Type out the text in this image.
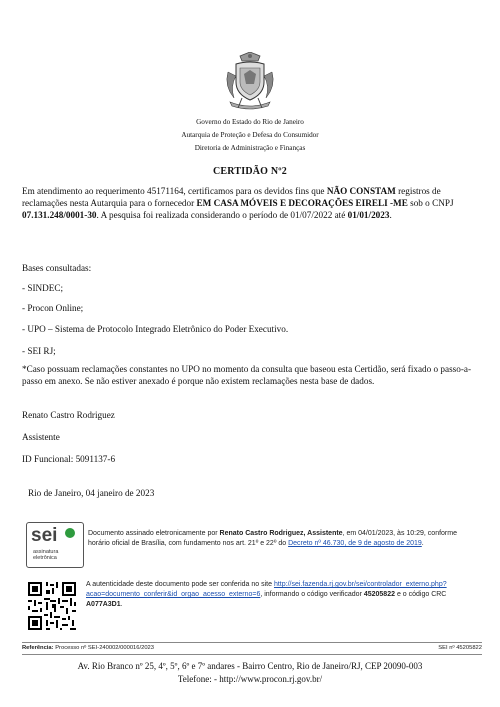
Governo do Estado do Rio de Janeiro
Autarquia de Proteção e Defesa do Consumidor
Diretoria de Administração e Finanças
CERTIDÃO Nº2
Em atendimento ao requerimento 45171164, certificamos para os devidos fins que NÃO CONSTAM registros de reclamações nesta Autarquia para o fornecedor EM CASA MÓVEIS E DECORAÇÕES EIRELI -ME sob o CNPJ 07.131.248/0001-30. A pesquisa foi realizada considerando o período de 01/07/2022 até 01/01/2023.
Bases consultadas:
- SINDEC;
- Procon Online;
- UPO – Sistema de Protocolo Integrado Eletrônico do Poder Executivo.
- SEI RJ;
*Caso possuam reclamações constantes no UPO no momento da consulta que baseou esta Certidão, será fixado o passo-a-passo em anexo. Se não estiver anexado é porque não existem reclamações nesta base de dados.
Renato Castro Rodriguez
Assistente
ID Funcional: 5091137-6
Rio de Janeiro, 04 janeiro de 2023
sei
assinatura eletrônica
Documento assinado eletronicamente por Renato Castro Rodriguez, Assistente, em 04/01/2023, às 10:29, conforme horário oficial de Brasília, com fundamento nos art. 21º e 22º do Decreto nº 46.730, de 9 de agosto de 2019.
A autenticidade deste documento pode ser conferida no site http://sei.fazenda.rj.gov.br/sei/controlador_externo.php?acao=documento_conferir&id_orgao_acesso_externo=6, informando o código verificador 45205822 e o código CRC A077A3D1.
Referência: Processo nº SEI-240002/000016/2023	SEI nº 45205822
Av. Rio Branco nº 25, 4º, 5º, 6º e 7º andares - Bairro Centro, Rio de Janeiro/RJ, CEP 20090-003
Telefone: - http://www.procon.rj.gov.br/
